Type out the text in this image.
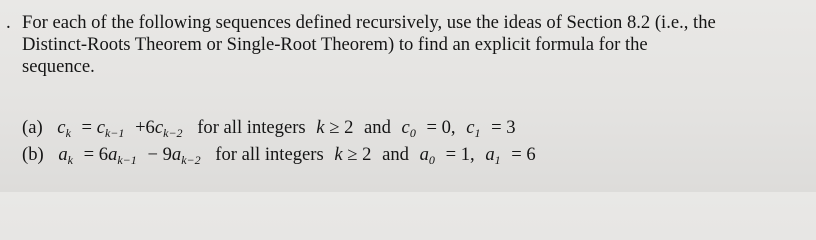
. For each of the following sequences defined recursively, use the ideas of Section 8.2 (i.e., the
Distinct-Roots Theorem or Single-Root Theorem) to find an explicit formula for the
sequence.
(a) $c_k = c_{k-1} +6c_{k-2}$ for all integers k ≥ 2 and $c_0 = 0$, $c_1 = 3$
(b) $a_k = 6a_{k-1} - 9a_{k-2}$ for all integers k ≥ 2 and $a_0 = 1$, $a_1 = 6$
